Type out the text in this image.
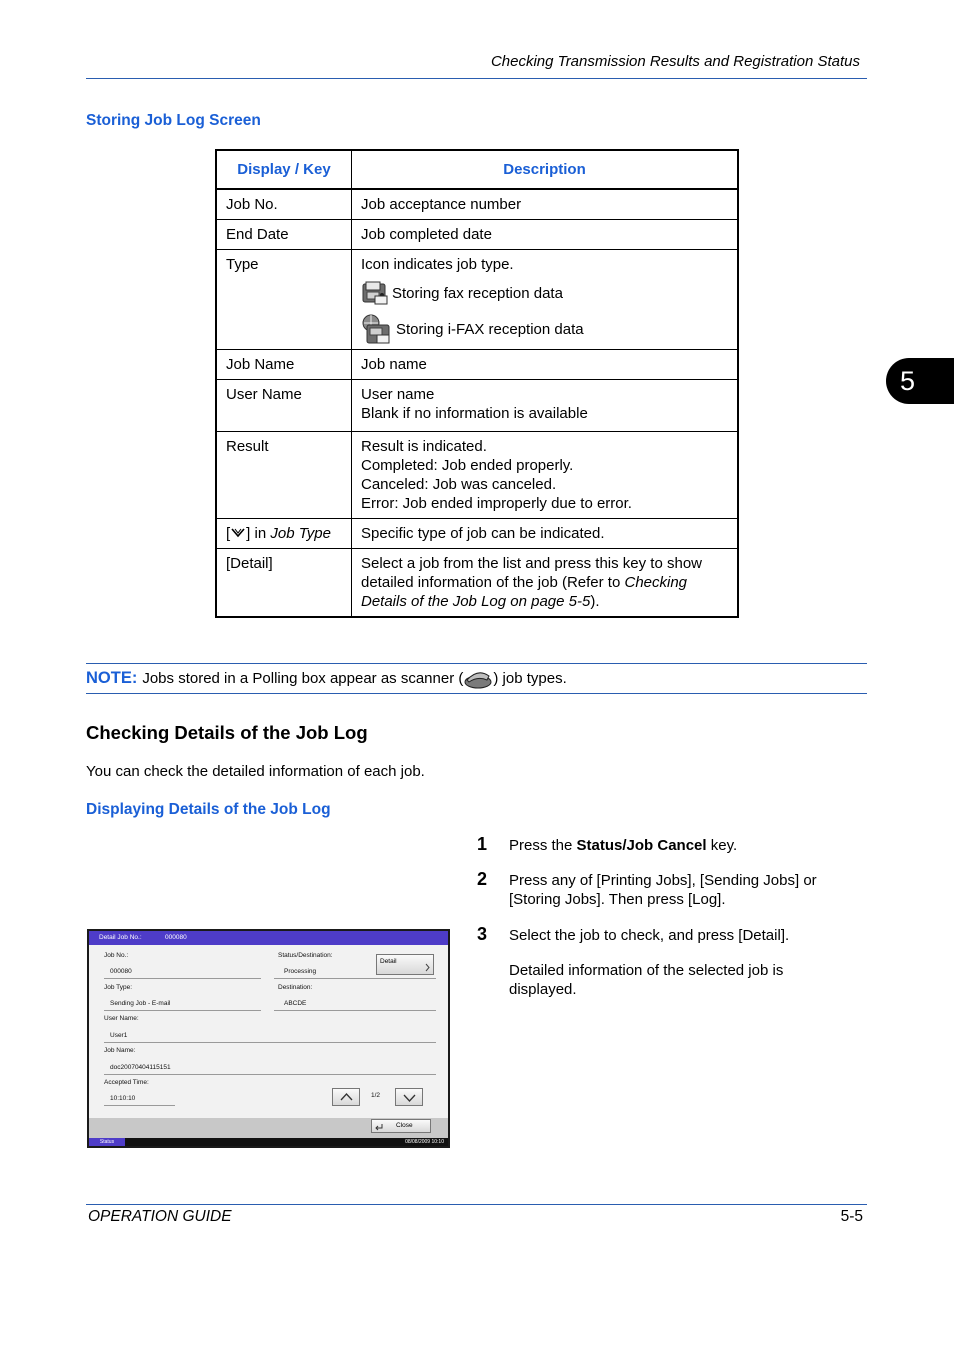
Checking Transmission Results and Registration Status
5
Storing Job Log Screen
Display / Key	Description
Job No.	Job acceptance number
End Date	Job completed date
Type	Icon indicates job type.
Storing fax reception data
Storing i-FAX reception data

Job Name	Job name
User Name	User name
Blank if no information is available

Result	Result is indicated.
Completed: Job ended properly.
Canceled: Job was canceled.
Error: Job ended improperly due to error.

[ ] in Job Type	Specific type of job can be indicated.
[Detail]	Select a job from the list and press this key to show detailed information of the job (Refer to Checking Details of the Job Log on page 5-5).
NOTE: Jobs stored in a Polling box appear as scanner ( ) job types.
Checking Details of the Job Log
You can check the detailed information of each job.
Displaying Details of the Job Log
1 Press the Status/Job Cancel key.
2 Press any of [Printing Jobs], [Sending Jobs] or [Storing Jobs]. Then press [Log].
3 Select the job to check, and press [Detail].
Detailed information of the selected job is displayed.
Detail Job No.:	000080
Job No.:
000080
Status/Destination:
Processing
Detail
Job Type:
Sending Job - E-mail
Destination:
ABCDE
User Name:
User1
Job Name:
doc20070404115151
Accepted Time:
10:10:10	1/2
Close
Status	08/08/2009 10:10
OPERATION GUIDE	5-5
